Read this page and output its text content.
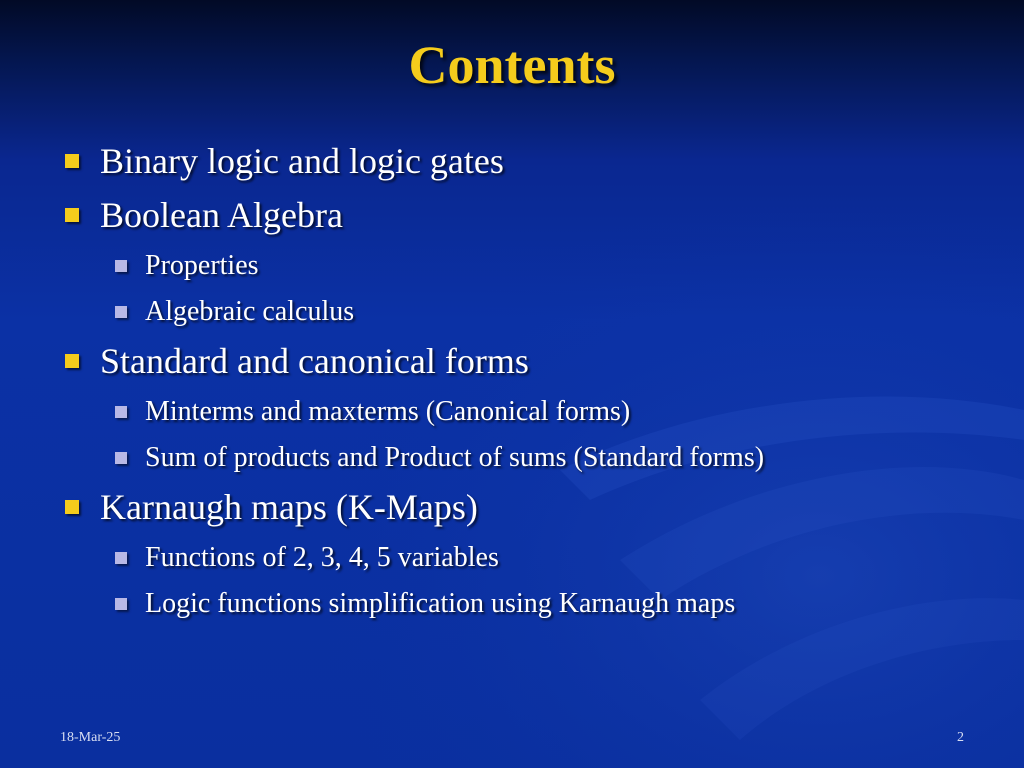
Contents
Binary logic and logic gates
Boolean Algebra
Properties
Algebraic calculus
Standard and canonical forms
Minterms and maxterms (Canonical forms)
Sum of products and Product of sums (Standard forms)
Karnaugh maps (K-Maps)
Functions of 2, 3, 4, 5 variables
Logic functions simplification using Karnaugh maps
18-Mar-25	2
